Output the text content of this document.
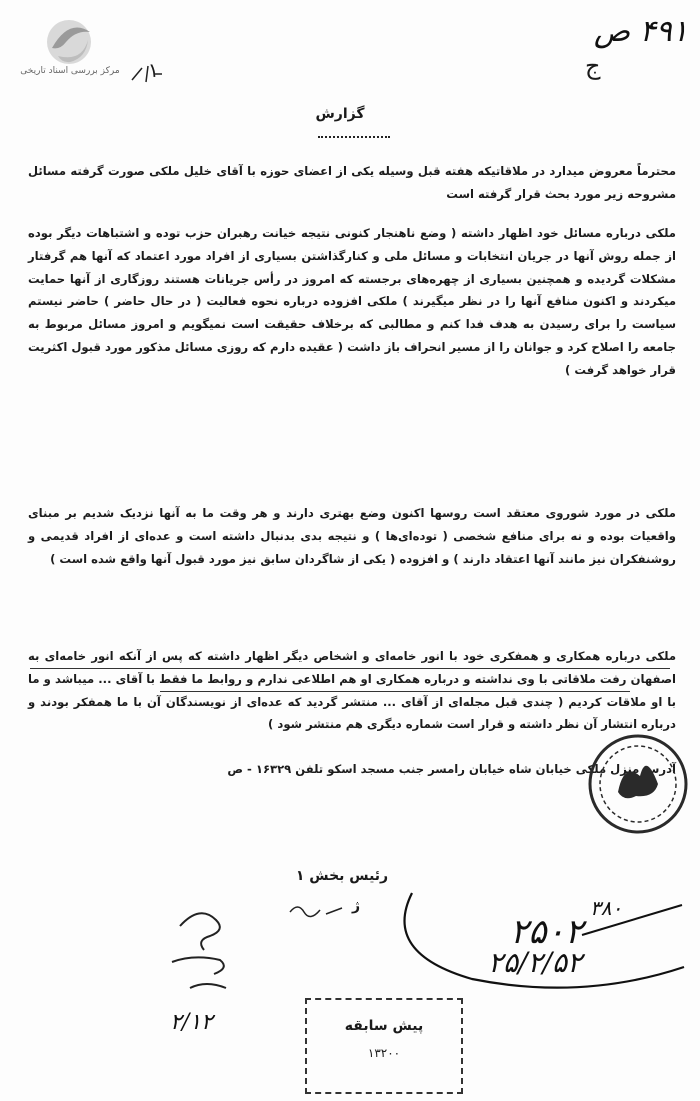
مرکز بررسی اسناد تاریخی	۱
۴۹۱ ص
ج
گزارش
محترماً معروض میدارد در ملاقاتیکه هفته قبل وسیله یکی از اعضای حوزه با آقای خلیل ملکی صورت گرفته مسائل مشروحه زیر مورد بحث قرار گرفته است
ملکی درباره مسائل خود اظهار داشته ( وضع ناهنجار کنونی نتیجه خیانت رهبران حزب توده و اشتباهات دیگر بوده از جمله روش آنها در جریان انتخابات و مسائل ملی و کنارگذاشتن بسیاری از افراد مورد اعتماد که آنها هم گرفتار مشکلات گردیده و همچنین بسیاری از چهره‌های برجسته که امروز در رأس جریانات هستند روزگاری از آنها حمایت میکردند و اکنون منافع آنها را در نظر میگیرند ) ملکی افزوده درباره نحوه فعالیت ( در حال حاضر ) حاضر نیستم سیاست را برای رسیدن به هدف فدا کنم و مطالبی که برخلاف حقیقت است نمیگویم و امروز مسائل مربوط به جامعه را اصلاح کرد و جوانان را از مسیر انحراف باز داشت ( عقیده دارم که روزی مسائل مذکور مورد قبول اکثریت قرار خواهد گرفت )
ملکی در مورد شوروی معتقد است روسها اکنون وضع بهتری دارند و هر وقت ما به آنها نزدیک شدیم بر مبنای واقعیات بوده و نه برای منافع شخصی ( توده‌ای‌ها ) و نتیجه بدی بدنبال داشته است و عده‌ای از افراد قدیمی و روشنفکران نیز مانند آنها اعتقاد دارند ) و افزوده ( یکی از شاگردان سابق نیز مورد قبول آنها واقع شده است )
ملکی درباره همکاری و همفکری خود با انور خامه‌ای و اشخاص دیگر اظهار داشته که پس از آنکه انور خامه‌ای به اصفهان رفت ملاقاتی با وی نداشته و درباره همکاری او هم اطلاعی ندارم و روابط ما فقط با آقای ... میباشد و ما با او ملاقات کردیم ( چندی قبل مجله‌ای از آقای ... منتشر گردید که عده‌ای از نویسندگان آن با ما همفکر بودند و درباره انتشار آن نظر داشته و قرار است شماره دیگری هم منتشر شود )
آدرس منزل ملکی خیابان شاه خیابان رامسر جنب مسجد اسکو تلفن ۱۶۳۲۹ - ص
رئیس بخش ۱
ژ
۲/۱۲
۳۸۰
۲۵۰۲
۲۵/۲/۵۲
پیش سابقه
۱۳۲۰۰
